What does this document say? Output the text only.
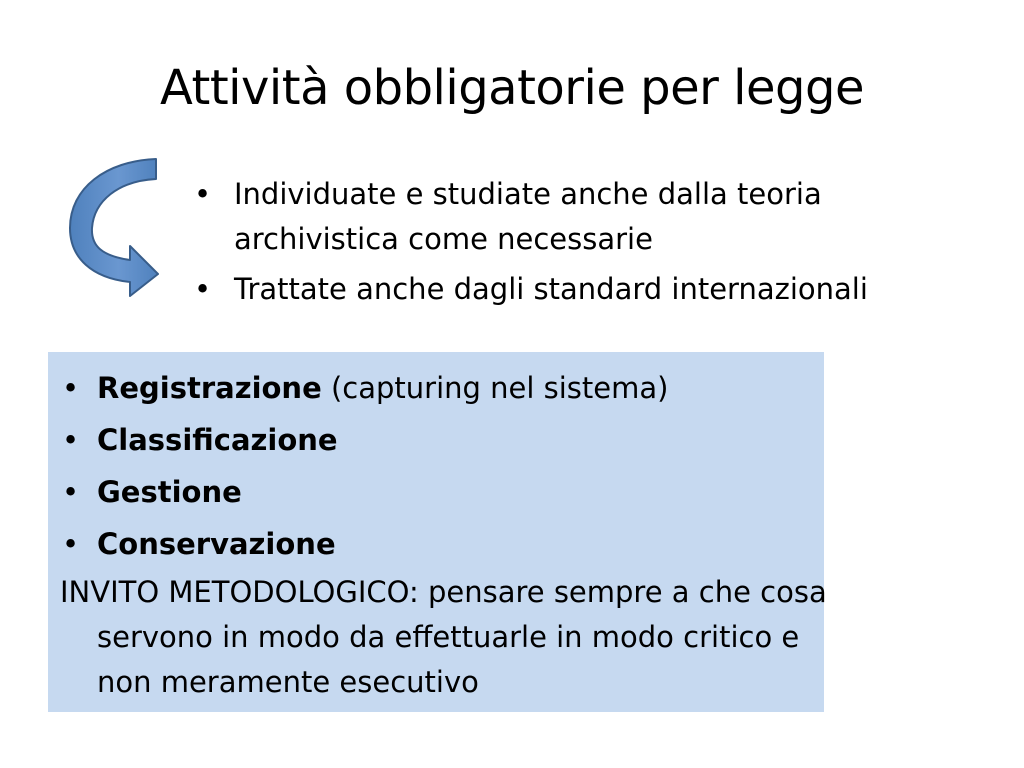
Attività obbligatorie per legge
• Individuate e studiate anche dalla teoria archivistica come necessarie
• Trattate anche dagli standard internazionali
• Registrazione (capturing nel sistema)
• Classificazione
• Gestione
• Conservazione
INVITO METODOLOGICO: pensare sempre a che cosa servono in modo da effettuarle in modo critico e non meramente esecutivo
